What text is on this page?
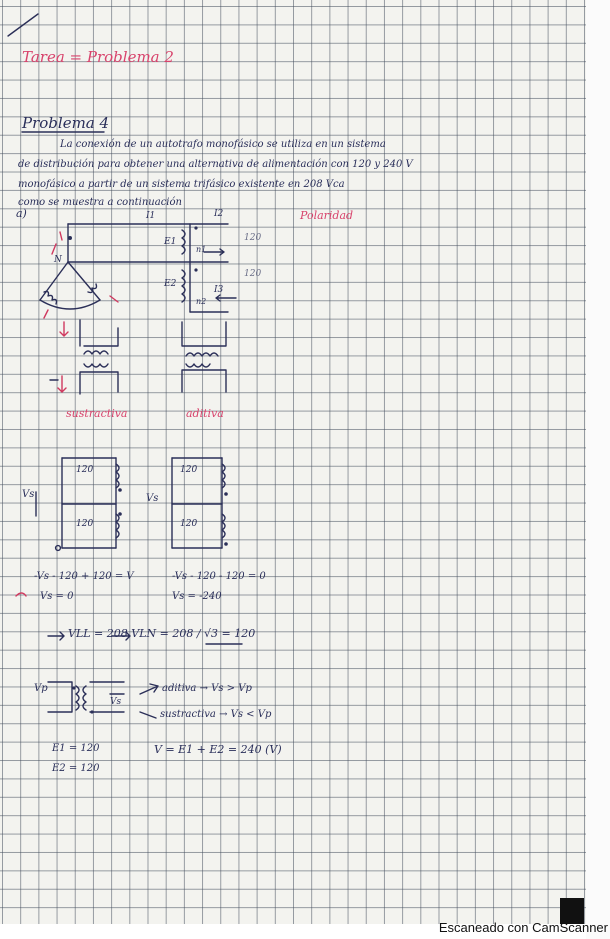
Tarea = Problema 2
Problema 4
La conexión de un autotrafo monofásico se utiliza en un sistema
de distribución para obtener una alternativa de alimentación con 120 y 240 V
monofásico a partir de un sistema trifásico existente en 208 Vca
como se muestra a continuación
a)	I1	I2
I3
120
120
E1
E2
n1
n2
N
Polaridad
sustractiva	aditiva
120
120
Vs
120
120
Vs
-Vs - 120 + 120 = V
Vs = 0
-Vs - 120 - 120 = 0
Vs = -240
VLL = 208 VLN = 208 / √3 = 120
Vp
Vs
aditiva → Vs > Vp
sustractiva → Vs < Vp
E1 = 120
E2 = 120
V = E1 + E2 = 240 (V)
Escaneado con CamScanner
